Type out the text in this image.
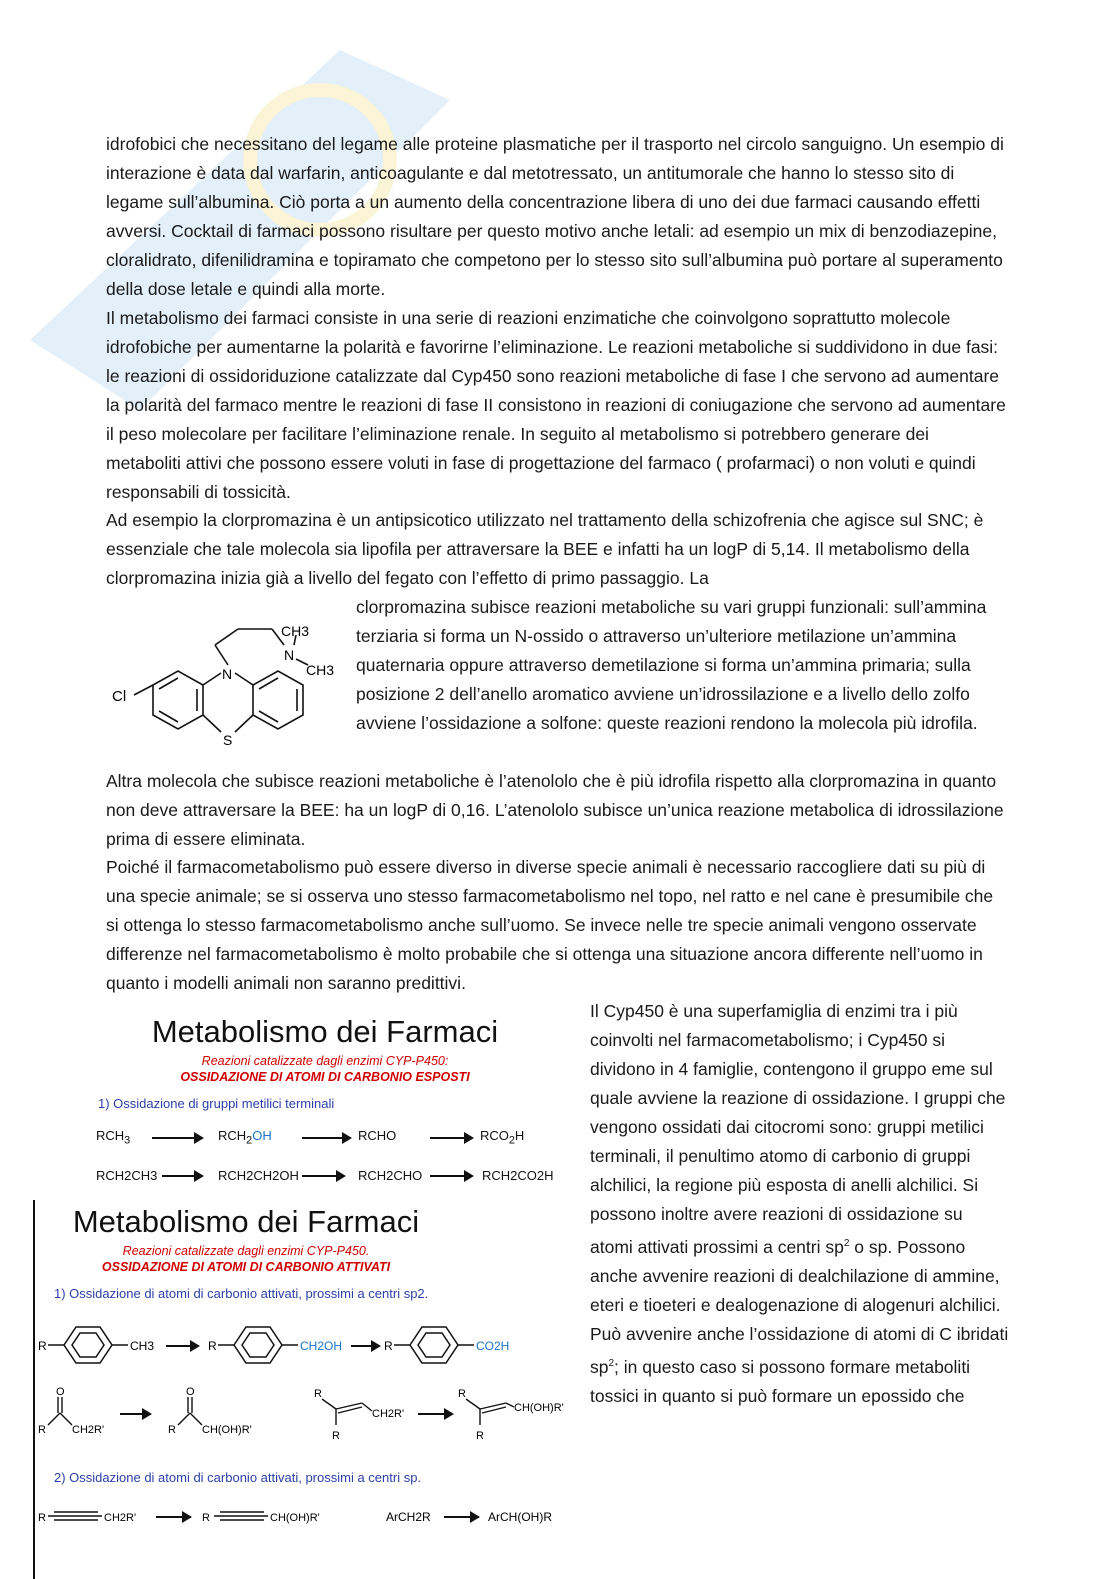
idrofobici che necessitano del legame alle proteine plasmatiche per il trasporto nel circolo sanguigno. Un esempio di interazione è data dal warfarin, anticoagulante e dal metotressato, un antitumorale che hanno lo stesso sito di legame sull’albumina. Ciò porta a un aumento della concentrazione libera di uno dei due farmaci causando effetti avversi. Cocktail di farmaci possono risultare per questo motivo anche letali: ad esempio un mix di benzodiazepine, cloralidrato, difenilidramina e topiramato che competono per lo stesso sito sull’albumina può portare al superamento della dose letale e quindi alla morte.

Il metabolismo dei farmaci consiste in una serie di reazioni enzimatiche che coinvolgono soprattutto molecole idrofobiche per aumentarne la polarità e favorirne l’eliminazione. Le reazioni metaboliche si suddividono in due fasi: le reazioni di ossidoriduzione catalizzate dal Cyp450 sono reazioni metaboliche di fase I che servono ad aumentare la polarità del farmaco mentre le reazioni di fase II consistono in reazioni di coniugazione che servono ad aumentare il peso molecolare per facilitare l’eliminazione renale. In seguito al metabolismo si potrebbero generare dei metaboliti attivi che possono essere voluti in fase di progettazione del farmaco ( profarmaci) o non voluti e quindi responsabili di tossicità.

Ad esempio la clorpromazina è un antipsicotico utilizzato nel trattamento della schizofrenia che agisce sul SNC; è essenziale che tale molecola sia lipofila per attraversare la BEE e infatti ha un logP di 5,14. Il metabolismo della clorpromazina inizia già a livello del fegato con l’effetto di primo passaggio. La

CH3
N
CH3
Cl
N
S

clorpromazina subisce reazioni metaboliche su vari gruppi funzionali: sull’ammina terziaria si forma un N-ossido o attraverso un’ulteriore metilazione un’ammina quaternaria oppure attraverso demetilazione si forma un’ammina primaria; sulla posizione 2 dell’anello aromatico avviene un’idrossilazione e a livello dello zolfo avviene l’ossidazione a solfone: queste reazioni rendono la molecola più idrofila.

Altra molecola che subisce reazioni metaboliche è l’atenololo che è più idrofila rispetto alla clorpromazina in quanto non deve attraversare la BEE: ha un logP di 0,16. L’atenololo subisce un’unica reazione metabolica di idrossilazione prima di essere eliminata.

Poiché il farmacometabolismo può essere diverso in diverse specie animali è necessario raccogliere dati su più di una specie animale; se si osserva uno stesso farmacometabolismo nel topo, nel ratto e nel cane è presumibile che si ottenga lo stesso farmacometabolismo anche sull’uomo. Se invece nelle tre specie animali vengono osservate differenze nel farmacometabolismo è molto probabile che si ottenga una situazione ancora differente nell’uomo in quanto i modelli animali non saranno predittivi.

Il Cyp450 è una superfamiglia di enzimi tra i più coinvolti nel farmacometabolismo; i Cyp450 si dividono in 4 famiglie, contengono il gruppo eme sul quale avviene la reazione di ossidazione. I gruppi che vengono ossidati dai citocromi sono: gruppi metilici terminali, il penultimo atomo di carbonio di gruppi alchilici, la regione più esposta di anelli alchilici. Si possono inoltre avere reazioni di ossidazione su atomi attivati prossimi a centri $sp^2$ o sp. Possono anche avvenire reazioni di dealchilazione di ammine, eteri e tioeteri e dealogenazione di alogenuri alchilici. Può avvenire anche l’ossidazione di atomi di C ibridati $sp^2$; in questo caso si possono formare metaboliti tossici in quanto si può formare un epossido che

Metabolismo dei Farmaci
Reazioni catalizzate dagli enzimi CYP-P450:
OSSIDAZIONE DI ATOMI DI CARBONIO ESPOSTI
1) Ossidazione di gruppi metilici terminali
$RCH_3$	$RCH_2OH$	RCHO	$RCO_2H$
RCH2CH3	RCH2CH2OH	RCH2CHO	RCH2CO2H
Metabolismo dei Farmaci
Reazioni catalizzate dagli enzimi CYP-P450.
OSSIDAZIONE DI ATOMI DI CARBONIO ATTIVATI
1) Ossidazione di atomi di carbonio attivati, prossimi a centri sp2.
R	CH3	R	CH2OH	R	CO2H
O
R CH2R'
O
R CH(OH)R'
R
R
CH2R'
R
R
CH(OH)R'
2) Ossidazione di atomi di carbonio attivati, prossimi a centri sp.
R	CH2R'	R	CH(OH)R'	ArCH2R	ArCH(OH)R
